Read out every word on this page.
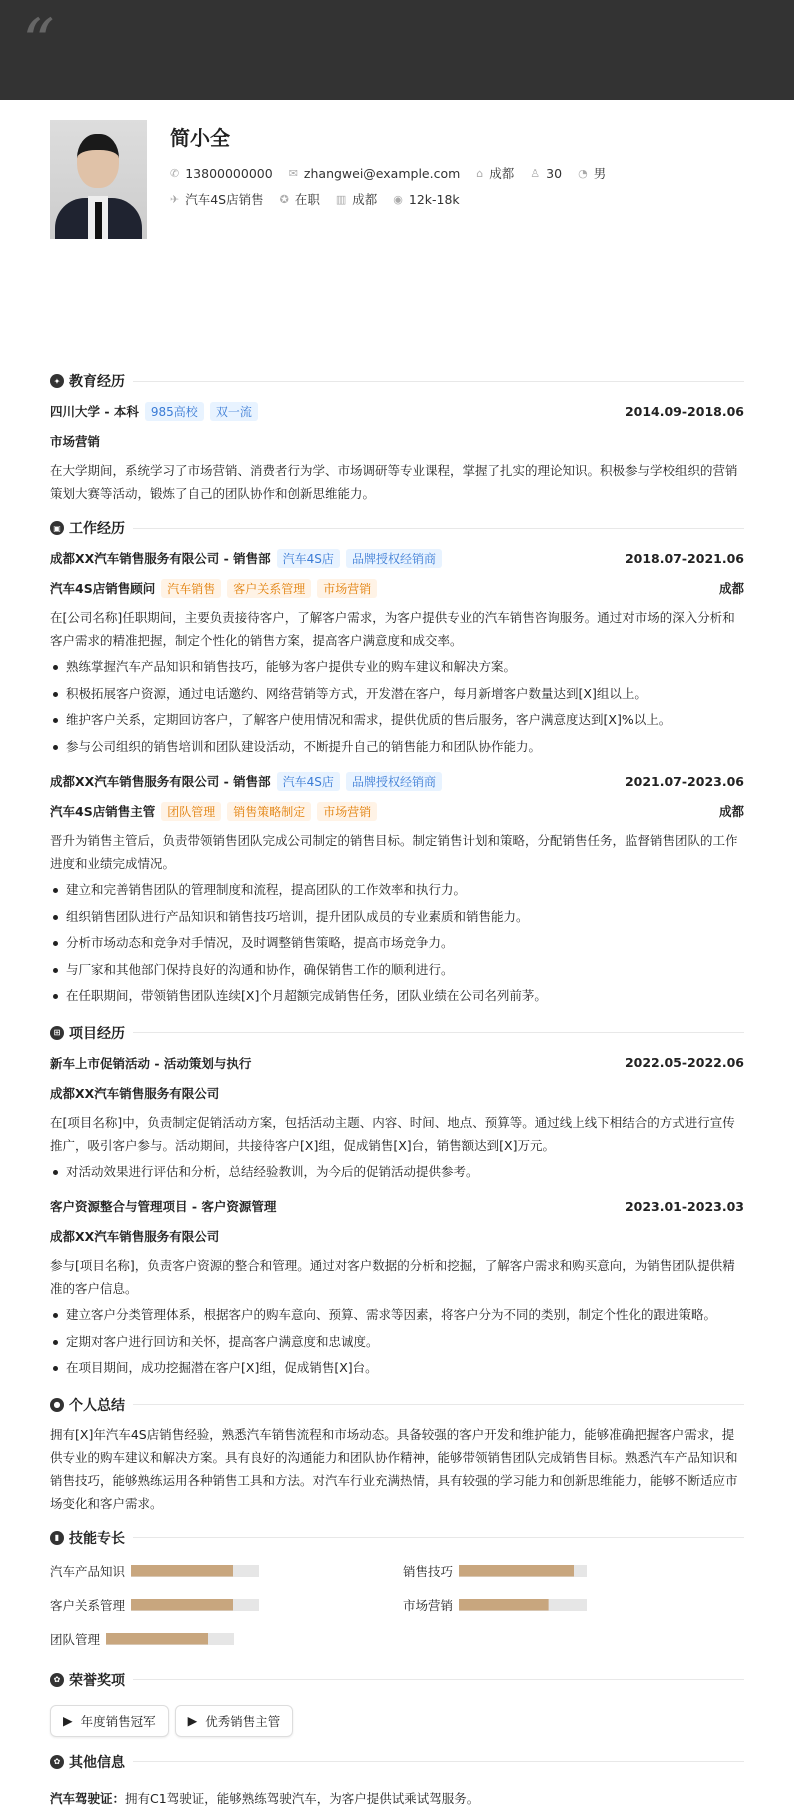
“
简小全
✆ 13800000000 ✉ zhangwei@example.com ⌂ 成都 ♙ 30 ◔ 男
✈ 汽车4S店销售 ✪ 在职 ▥ 成都 ◉ 12k-18k
✦ 教育经历
四川大学 - 本科	985高校	双一流	2014.09-2018.06
市场营销
在大学期间，系统学习了市场营销、消费者行为学、市场调研等专业课程，掌握了扎实的理论知识。积极参与学校组织的营销策划大赛等活动，锻炼了自己的团队协作和创新思维能力。
▣ 工作经历
成都XX汽车销售服务有限公司 - 销售部	汽车4S店	品牌授权经销商	2018.07-2021.06
汽车4S店销售顾问	汽车销售	客户关系管理	市场营销	成都
在[公司名称]任职期间，主要负责接待客户，了解客户需求，为客户提供专业的汽车销售咨询服务。通过对市场的深入分析和客户需求的精准把握，制定个性化的销售方案，提高客户满意度和成交率。
熟练掌握汽车产品知识和销售技巧，能够为客户提供专业的购车建议和解决方案。
积极拓展客户资源，通过电话邀约、网络营销等方式，开发潜在客户，每月新增客户数量达到[X]组以上。
维护客户关系，定期回访客户，了解客户使用情况和需求，提供优质的售后服务，客户满意度达到[X]%以上。
参与公司组织的销售培训和团队建设活动，不断提升自己的销售能力和团队协作能力。
成都XX汽车销售服务有限公司 - 销售部	汽车4S店	品牌授权经销商	2021.07-2023.06
汽车4S店销售主管	团队管理	销售策略制定	市场营销	成都
晋升为销售主管后，负责带领销售团队完成公司制定的销售目标。制定销售计划和策略，分配销售任务，监督销售团队的工作进度和业绩完成情况。
建立和完善销售团队的管理制度和流程，提高团队的工作效率和执行力。
组织销售团队进行产品知识和销售技巧培训，提升团队成员的专业素质和销售能力。
分析市场动态和竞争对手情况，及时调整销售策略，提高市场竞争力。
与厂家和其他部门保持良好的沟通和协作，确保销售工作的顺利进行。
在任职期间，带领销售团队连续[X]个月超额完成销售任务，团队业绩在公司名列前茅。
⊞ 项目经历
新车上市促销活动 - 活动策划与执行	2022.05-2022.06
成都XX汽车销售服务有限公司
在[项目名称]中，负责制定促销活动方案，包括活动主题、内容、时间、地点、预算等。通过线上线下相结合的方式进行宣传推广，吸引客户参与。活动期间，共接待客户[X]组，促成销售[X]台，销售额达到[X]万元。
对活动效果进行评估和分析，总结经验教训，为今后的促销活动提供参考。
客户资源整合与管理项目 - 客户资源管理	2023.01-2023.03
成都XX汽车销售服务有限公司
参与[项目名称]，负责客户资源的整合和管理。通过对客户数据的分析和挖掘，了解客户需求和购买意向，为销售团队提供精准的客户信息。
建立客户分类管理体系，根据客户的购车意向、预算、需求等因素，将客户分为不同的类别，制定个性化的跟进策略。
定期对客户进行回访和关怀，提高客户满意度和忠诚度。
在项目期间，成功挖掘潜在客户[X]组，促成销售[X]台。
● 个人总结
拥有[X]年汽车4S店销售经验，熟悉汽车销售流程和市场动态。具备较强的客户开发和维护能力，能够准确把握客户需求，提供专业的购车建议和解决方案。具有良好的沟通能力和团队协作精神，能够带领销售团队完成销售目标。熟悉汽车产品知识和销售技巧，能够熟练运用各种销售工具和方法。对汽车行业充满热情，具有较强的学习能力和创新思维能力，能够不断适应市场变化和客户需求。
▮ 技能专长
汽车产品知识	销售技巧
客户关系管理	市场营销
团队管理
✿ 荣誉奖项
▶ 年度销售冠军	▶ 优秀销售主管
✿ 其他信息
汽车驾驶证：拥有C1驾驶证，能够熟练驾驶汽车，为客户提供试乘试驾服务。
